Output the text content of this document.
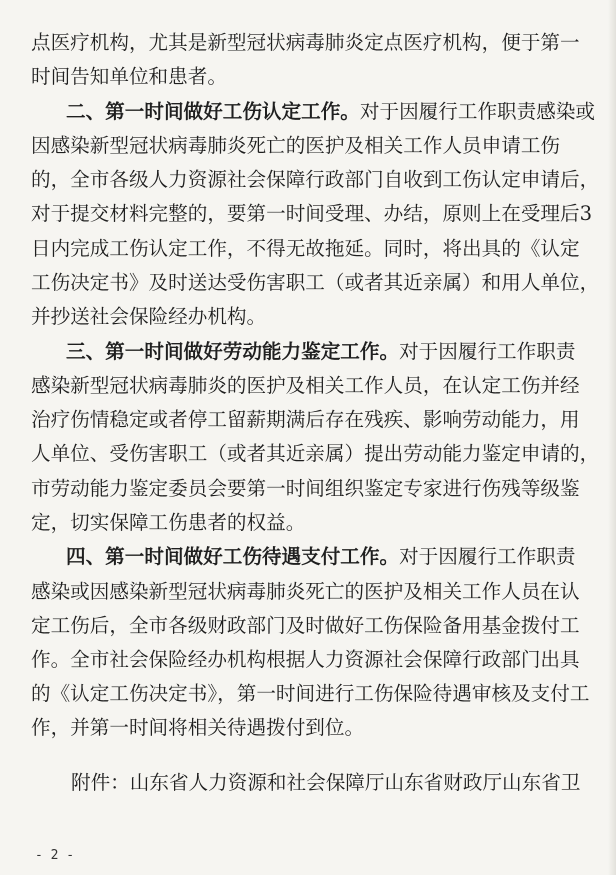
点医疗机构，尤其是新型冠状病毒肺炎定点医疗机构，便于第一
时间告知单位和患者。
二、第一时间做好工伤认定工作。对于因履行工作职责感染或
因感染新型冠状病毒肺炎死亡的医护及相关工作人员申请工伤
的，全市各级人力资源社会保障行政部门自收到工伤认定申请后，
对于提交材料完整的，要第一时间受理、办结，原则上在受理后3
日内完成工伤认定工作，不得无故拖延。同时，将出具的《认定
工伤决定书》及时送达受伤害职工（或者其近亲属）和用人单位，
并抄送社会保险经办机构。
三、第一时间做好劳动能力鉴定工作。对于因履行工作职责
感染新型冠状病毒肺炎的医护及相关工作人员，在认定工伤并经
治疗伤情稳定或者停工留薪期满后存在残疾、影响劳动能力，用
人单位、受伤害职工（或者其近亲属）提出劳动能力鉴定申请的，
市劳动能力鉴定委员会要第一时间组织鉴定专家进行伤残等级鉴
定，切实保障工伤患者的权益。
四、第一时间做好工伤待遇支付工作。对于因履行工作职责
感染或因感染新型冠状病毒肺炎死亡的医护及相关工作人员在认
定工伤后，全市各级财政部门及时做好工伤保险备用基金拨付工
作。全市社会保险经办机构根据人力资源社会保障行政部门出具
的《认定工伤决定书》，第一时间进行工伤保险待遇审核及支付工
作，并第一时间将相关待遇拨付到位。
附件：山东省人力资源和社会保障厅山东省财政厅山东省卫
- 2 -
